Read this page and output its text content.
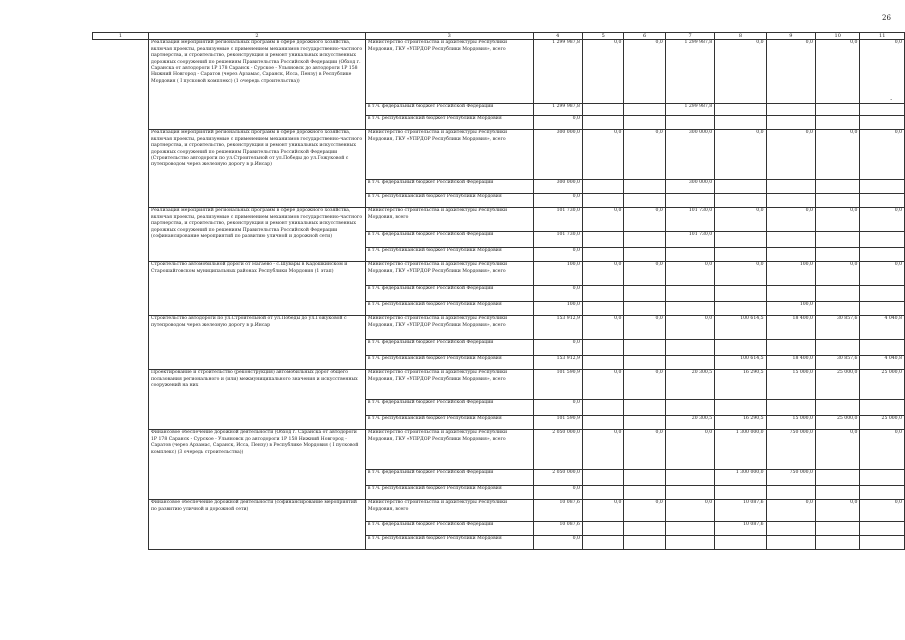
26
1	2	3	4	5	6	7	8	9	10	11
Реализация мероприятий региональных программ в сфере дорожного хозяйства, включая проекты, реализуемые с применением механизмов государственно-частного партнерства, и строительство, реконструкция и ремонт уникальных искусственных дорожных сооружений по решениям Правительства Российской Федерации (Обход г. Саранска от автодороги 1Р 178 Саранск - Сурское - Ульяновск до автодороги 1Р 158 Нижний Новгород - Саратов (через Арзамас, Саранск, Исса, Пензу) в Республике Мордовия ( I пусковой комплекс) (1 очередь строительства))	Министерство строительства и архитектуры Республики Мордовия, ГКУ «УПРДОР Республики Мордовия», всего	1 299 987,8	0,0	0,0	1 299 987,8	0,0	0,0	0,0	0,0
	в т.ч. федеральный бюджет Российской Федерации	1 299 987,8			1 299 987,8				
	в т.ч. республиканский бюджет Республики Мордовия	0,0							
Реализация мероприятий региональных программ в сфере дорожного хозяйства, включая проекты, реализуемые с применением механизмов государственно-частного партнерства, и строительство, реконструкция и ремонт уникальных искусственных дорожных сооружений по решениям Правительства Российской Федерации (Строительство автодороги по ул.Строительной от ул.Победы до ул.Гожуковой с путепроводом через железную дорогу в р.Инсар)	Министерство строительства и архитектуры Республики Мордовия, ГКУ «УПРДОР Республики Мордовия», всего	300 000,0	0,0	0,0	300 000,0	0,0	0,0	0,0	0,0
	в т.ч. федеральный бюджет Российской Федерации	300 000,0			300 000,0				
	в т.ч. республиканский бюджет Республики Мордовия	0,0							
Реализация мероприятий региональных программ в сфере дорожного хозяйства, включая проекты, реализуемые с применением механизмов государственно-частного партнерства, и строительство, реконструкция и ремонт уникальных искусственных дорожных сооружений по решениям Правительства Российской Федерации (софинансирование мероприятий по развитию уличной и дорожной сети)	Министерство строительства и архитектуры Республики Мордовия, всего	101 730,0	0,0	0,0	101 730,0	0,0	0,0	0,0	0,0
	в т.ч. федеральный бюджет Российской Федерации	101 730,0			101 730,0				
	в т.ч. республиканский бюджет Республики Мордовия	0,0							
Строительство автомобильной дороги от Нагаево - с.Шувары в Кадошкинском и Старошайговском муниципальных районах Республики Мордовия (1 этап)	Министерство строительства и архитектуры Республики Мордовия, ГКУ «УПРДОР Республики Мордовия», всего	100,0	0,0	0,0	0,0	0,0	100,0	0,0	0,0
	в т.ч. федеральный бюджет Российской Федерации	0,0							
	в т.ч. республиканский бюджет Республики Мордовия	100,0					100,0		
Строительство автодороги по ул.Строительной от ул.Победы до ул.Гожуковой с путепроводом через железную дорогу в р.Инсар	Министерство строительства и архитектуры Республики Мордовия, ГКУ «УПРДОР Республики Мордовия», всего	153 912,9	0,0	0,0	0,0	100 614,5	18 400,0	30 857,6	4 040,8
	в т.ч. федеральный бюджет Российской Федерации	0,0							
	в т.ч. республиканский бюджет Республики Мордовия	153 912,9				100 614,5	18 400,0	30 857,6	4 040,8
Проектирование и строительство (реконструкция) автомобильных дорог общего пользования регионального и (или) межмуниципального значения и искусственных сооружений на них	Министерство строительства и архитектуры Республики Мордовия, ГКУ «УПРДОР Республики Мордовия», всего	101 590,9	0,0	0,0	20 300,5	16 290,5	15 000,0	25 000,0	25 000,0
	в т.ч. федеральный бюджет Российской Федерации	0,0							
	в т.ч. республиканский бюджет Республики Мордовия	101 590,9			20 300,5	16 290,5	15 000,0	25 000,0	25 000,0
Финансовое обеспечение дорожной деятельности (Обход г. Саранска от автодороги 1Р 178 Саранск - Сурское - Ульяновск до автодороги 1Р 158 Нижний Новгород - Саратов (через Арзамас, Саранск, Исса, Пензу) в Республике Мордовия ( I пусковой комплекс) (3 очередь строительства))	Министерство строительства и архитектуры Республики Мордовия, ГКУ «УПРДОР Республики Мордовия», всего	2 050 000,0	0,0	0,0	0,0	1 300 000,0	750 000,0	0,0	0,0
	в т.ч. федеральный бюджет Российской Федерации	2 050 000,0				1 300 000,0	750 000,0		
	в т.ч. республиканский бюджет Республики Мордовия	0,0							
Финансовое обеспечение дорожной деятельности (софинансирование мероприятий по развитию уличной и дорожной сети)	Министерство строительства и архитектуры Республики Мордовия, всего	10 087,6	0,0	0,0	0,0	10 087,6	0,0	0,0	0,0
	в т.ч. федеральный бюджет Российской Федерации	10 087,6				10 087,6			
	в т.ч. республиканский бюджет Республики Мордовия	0,0							
·
